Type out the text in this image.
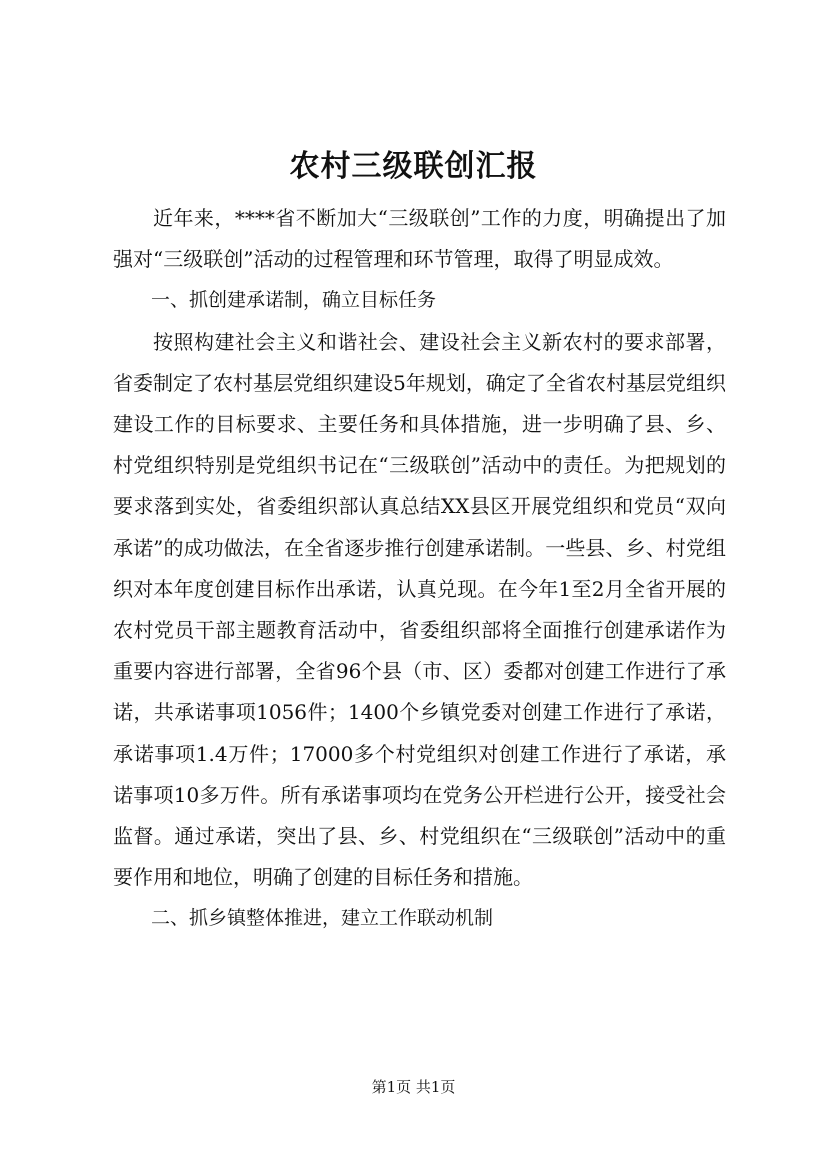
农村三级联创汇报

近年来，****省不断加大“三级联创”工作的力度，明确提出了加强对“三级联创”活动的过程管理和环节管理，取得了明显成效。

一、抓创建承诺制，确立目标任务

按照构建社会主义和谐社会、建设社会主义新农村的要求部署，省委制定了农村基层党组织建设5年规划，确定了全省农村基层党组织建设工作的目标要求、主要任务和具体措施，进一步明确了县、乡、村党组织特别是党组织书记在“三级联创”活动中的责任。为把规划的要求落到实处，省委组织部认真总结XX县区开展党组织和党员“双向承诺”的成功做法，在全省逐步推行创建承诺制。一些县、乡、村党组织对本年度创建目标作出承诺，认真兑现。在今年1至2月全省开展的农村党员干部主题教育活动中，省委组织部将全面推行创建承诺作为重要内容进行部署，全省96个县（市、区）委都对创建工作进行了承诺，共承诺事项1056件；1400个乡镇党委对创建工作进行了承诺，承诺事项1.4万件；17000多个村党组织对创建工作进行了承诺，承诺事项10多万件。所有承诺事项均在党务公开栏进行公开，接受社会监督。通过承诺，突出了县、乡、村党组织在“三级联创”活动中的重要作用和地位，明确了创建的目标任务和措施。

二、抓乡镇整体推进，建立工作联动机制

第1页 共1页
